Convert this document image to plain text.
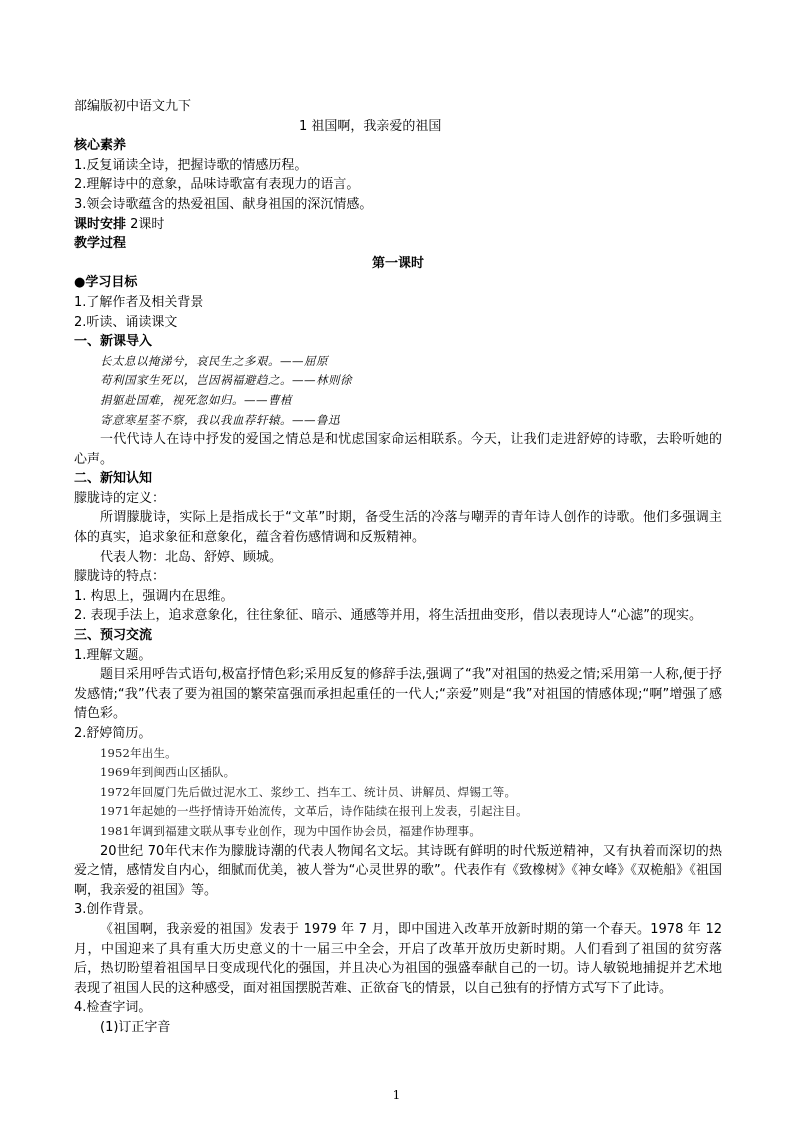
部编版初中语文九下
1 祖国啊，我亲爱的祖国
核心素养
1.反复诵读全诗，把握诗歌的情感历程。
2.理解诗中的意象，品味诗歌富有表现力的语言。
3.领会诗歌蕴含的热爱祖国、献身祖国的深沉情感。
课时安排 2课时
教学过程
第一课时
●学习目标
1.了解作者及相关背景
2.听读、诵读课文
一、新课导入
长太息以掩涕兮，哀民生之多艰。——屈原
苟利国家生死以，岂因祸福避趋之。——林则徐
捐躯赴国难，视死忽如归。——曹植
寄意寒星荃不察，我以我血荐轩辕。——鲁迅
一代代诗人在诗中抒发的爱国之情总是和忧虑国家命运相联系。今天，让我们走进舒婷的诗歌，去聆听她的心声。
二、新知认知
朦胧诗的定义：
所谓朦胧诗，实际上是指成长于“文革”时期，备受生活的冷落与嘲弄的青年诗人创作的诗歌。他们多强调主体的真实，追求象征和意象化，蕴含着伤感情调和反叛精神。
代表人物：北岛、舒婷、顾城。
朦胧诗的特点：
1. 构思上，强调内在思维。
2. 表现手法上，追求意象化，往往象征、暗示、通感等并用，将生活扭曲变形，借以表现诗人“心滤”的现实。
三、预习交流
1.理解文题。
题目采用呼告式语句,极富抒情色彩;采用反复的修辞手法,强调了“我”对祖国的热爱之情;采用第一人称,便于抒发感情;“我”代表了要为祖国的繁荣富强而承担起重任的一代人;“亲爱”则是“我”对祖国的情感体现;“啊”增强了感情色彩。
2.舒婷简历。
1952年出生。
1969年到闽西山区插队。
1972年回厦门先后做过泥水工、浆纱工、挡车工、统计员、讲解员、焊锡工等。
1971年起她的一些抒情诗开始流传，文革后，诗作陆续在报刊上发表，引起注目。
1981年调到福建文联从事专业创作，现为中国作协会员，福建作协理事。
20世纪 70年代末作为朦胧诗潮的代表人物闻名文坛。其诗既有鲜明的时代叛逆精神，又有执着而深切的热爱之情，感情发自内心，细腻而优美，被人誉为“心灵世界的歌”。代表作有《致橡树》《神女峰》《双桅船》《祖国啊，我亲爱的祖国》等。
3.创作背景。
《祖国啊，我亲爱的祖国》发表于 1979 年 7 月，即中国进入改革开放新时期的第一个春天。1978 年 12 月，中国迎来了具有重大历史意义的十一届三中全会，开启了改革开放历史新时期。人们看到了祖国的贫穷落后，热切盼望着祖国早日变成现代化的强国，并且决心为祖国的强盛奉献自己的一切。诗人敏锐地捕捉并艺术地表现了祖国人民的这种感受，面对祖国摆脱苦难、正欲奋飞的情景，以自己独有的抒情方式写下了此诗。
4.检查字词。
(1)订正字音
1
